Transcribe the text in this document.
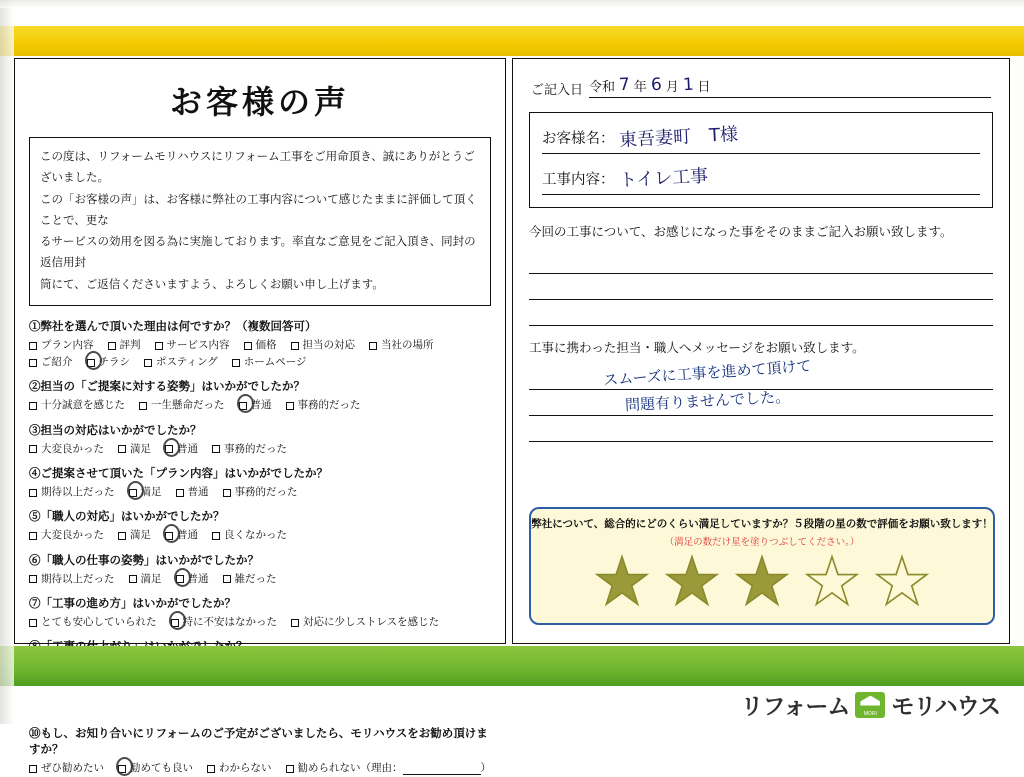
お客様の声
この度は、リフォームモリハウスにリフォーム工事をご用命頂き、誠にありがとうございました。
この「お客様の声」は、お客様に弊社の工事内容について感じたままに評価して頂くことで、更な
るサービスの効用を図る為に実施しております。率直なご意見をご記入頂き、同封の返信用封
筒にて、ご返信くださいますよう、よろしくお願い申し上げます。
①弊社を選んで頂いた理由は何ですか？（複数回答可）
プラン内容 評判 サービス内容 価格 担当の対応 当社の場所
ご紹介 チラシ ポスティング ホームページ
②担当の「ご提案に対する姿勢」はいかがでしたか？
十分誠意を感じた 一生懸命だった 普通 事務的だった
③担当の対応はいかがでしたか？
大変良かった 満足 普通 事務的だった
④ご提案させて頂いた「プラン内容」はいかがでしたか？
期待以上だった 満足 普通 事務的だった
⑤「職人の対応」はいかがでしたか？
大変良かった 満足 普通 良くなかった
⑥「職人の仕事の姿勢」はいかがでしたか？
期待以上だった 満足 普通 雑だった
⑦「工事の進め方」はいかがでしたか？
とても安心していられた 特に不安はなかった 対応に少しストレスを感じた
⑩もし、お知り合いにリフォームのご予定がございましたら、モリハウスをお勧め頂けますか？
ぜひ勧めたい 勧めても良い わからない 勧められない（理由：	）
ご記入日 令和 7 年 6 月 1 日
お客様名： 東吾妻町　T様
工事内容： トイレ工事
今回の工事について、お感じになった事をそのままご記入お願い致します。
工事に携わった担当・職人へメッセージをお願い致します。
スムーズに工事を進めて頂けて
問題有りませんでした。
弊社について、総合的にどのくらい満足していますか？５段階の星の数で評価をお願い致します！
（満足の数だけ星を塗りつぶしてください。）
リフォーム	MORI モリハウス
